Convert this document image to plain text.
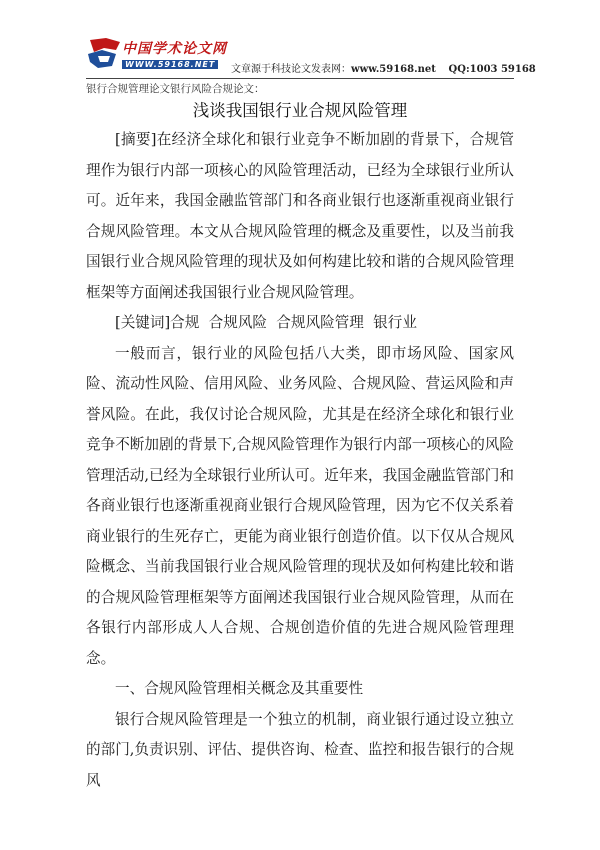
中国学术论文网
WWW.59168.NET	文章源于科技论文发表网：www.59168.net QQ:1003 59168
银行合规管理论文银行风险合规论文：
浅谈我国银行业合规风险管理

[摘要]在经济全球化和银行业竞争不断加剧的背景下，合规管理作为银行内部一项核心的风险管理活动，已经为全球银行业所认可。近年来，我国金融监管部门和各商业银行也逐渐重视商业银行合规风险管理。本文从合规风险管理的概念及重要性，以及当前我国银行业合规风险管理的现状及如何构建比较和谐的合规风险管理框架等方面阐述我国银行业合规风险管理。

[关键词]合规  合规风险  合规风险管理  银行业

一般而言，银行业的风险包括八大类，即市场风险、国家风险、流动性风险、信用风险、业务风险、合规风险、营运风险和声誉风险。在此，我仅讨论合规风险，尤其是在经济全球化和银行业竞争不断加剧的背景下,合规风险管理作为银行内部一项核心的风险管理活动,已经为全球银行业所认可。近年来，我国金融监管部门和各商业银行也逐渐重视商业银行合规风险管理，因为它不仅关系着商业银行的生死存亡，更能为商业银行创造价值。以下仅从合规风险概念、当前我国银行业合规风险管理的现状及如何构建比较和谐的合规风险管理框架等方面阐述我国银行业合规风险管理，从而在各银行内部形成人人合规、合规创造价值的先进合规风险管理理念。

一、合规风险管理相关概念及其重要性

银行合规风险管理是一个独立的机制，商业银行通过设立独立的部门,负责识别、评估、提供咨询、检查、监控和报告银行的合规风
